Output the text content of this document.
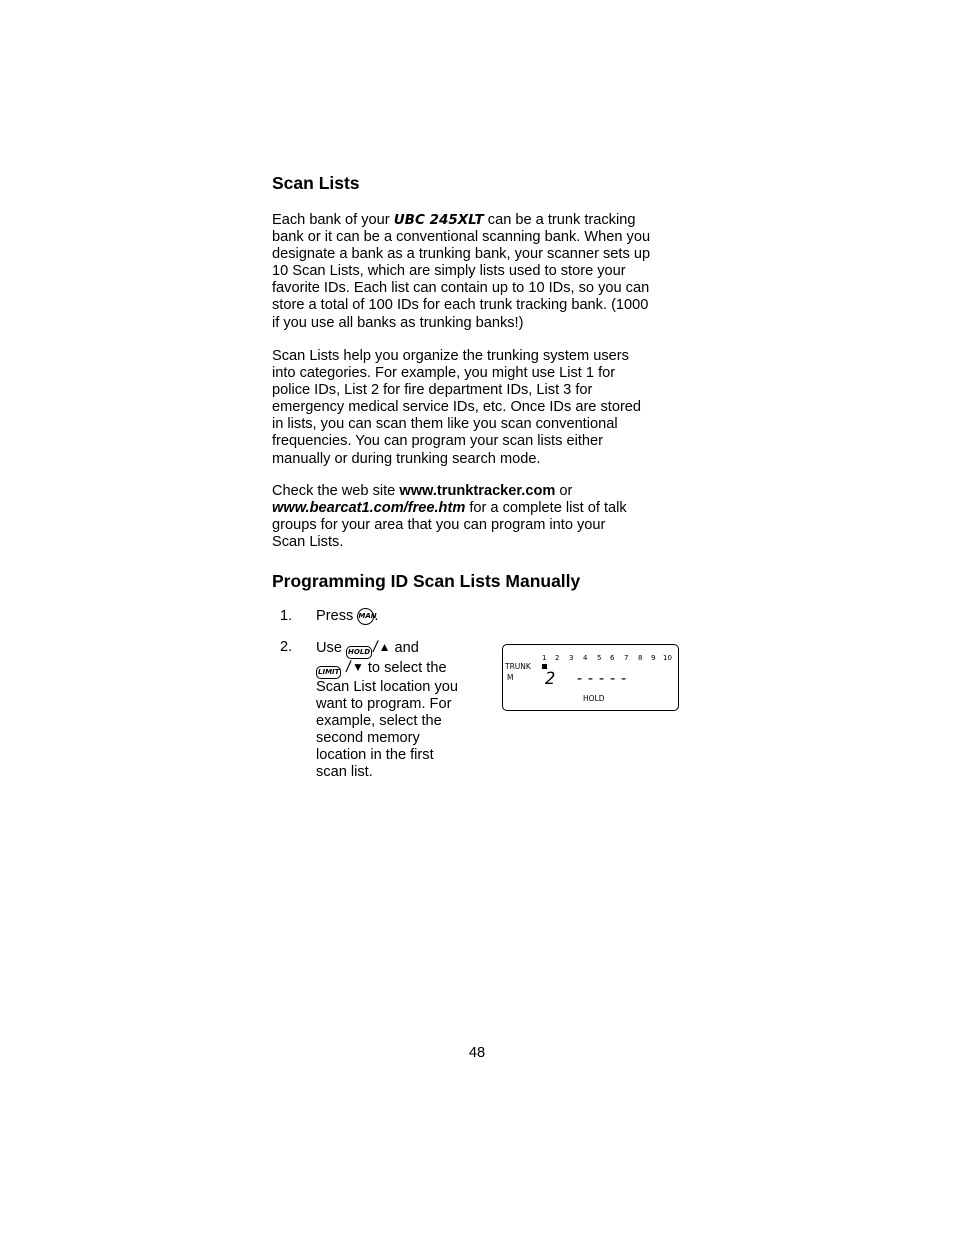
Scan Lists

Each bank of your UBC 245XLT can be a trunk tracking
bank or it can be a conventional scanning bank. When you
designate a bank as a trunking bank, your scanner sets up
10 Scan Lists, which are simply lists used to store your
favorite IDs. Each list can contain up to 10 IDs, so you can
store a total of 100 IDs for each trunk tracking bank. (1000
if you use all banks as trunking banks!)

Scan Lists help you organize the trunking system users
into categories. For example, you might use List 1 for
police IDs, List 2 for fire department IDs, List 3 for
emergency medical service IDs, etc. Once IDs are stored
in lists, you can scan them like you scan conventional
frequencies. You can program your scan lists either
manually or during trunking search mode.

Check the web site www.trunktracker.com or
www.bearcat1.com/free.htm for a complete list of talk
groups for your area that you can program into your
Scan Lists.

Programming ID Scan Lists Manually
1. Press MAN.
2. Use HOLD/▲ and
LIMIT /▼ to select the
Scan List location you
want to program. For
example, select the
second memory
location in the first
scan list.
1 2 3 4 5 6 7 8 9 10
TRUNK
M 2 -----
HOLD
48
